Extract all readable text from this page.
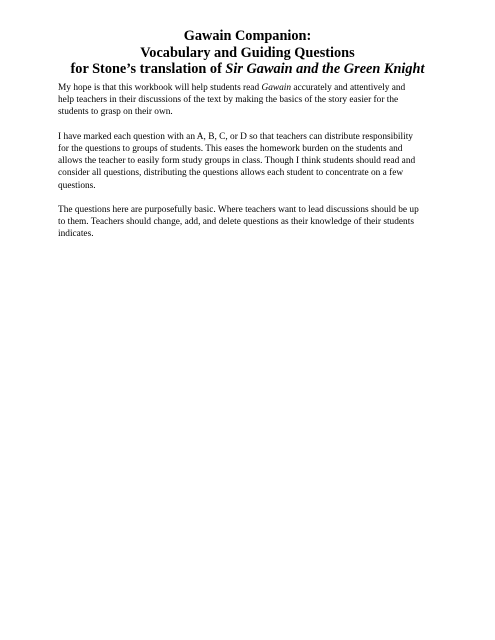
Gawain Companion:
Vocabulary and Guiding Questions
for Stone’s translation of Sir Gawain and the Green Knight

My hope is that this workbook will help students read Gawain accurately and attentively and
help teachers in their discussions of the text by making the basics of the story easier for the
students to grasp on their own.

I have marked each question with an A, B, C, or D so that teachers can distribute responsibility
for the questions to groups of students. This eases the homework burden on the students and
allows the teacher to easily form study groups in class. Though I think students should read and
consider all questions, distributing the questions allows each student to concentrate on a few
questions.

The questions here are purposefully basic. Where teachers want to lead discussions should be up
to them. Teachers should change, add, and delete questions as their knowledge of their students
indicates.
